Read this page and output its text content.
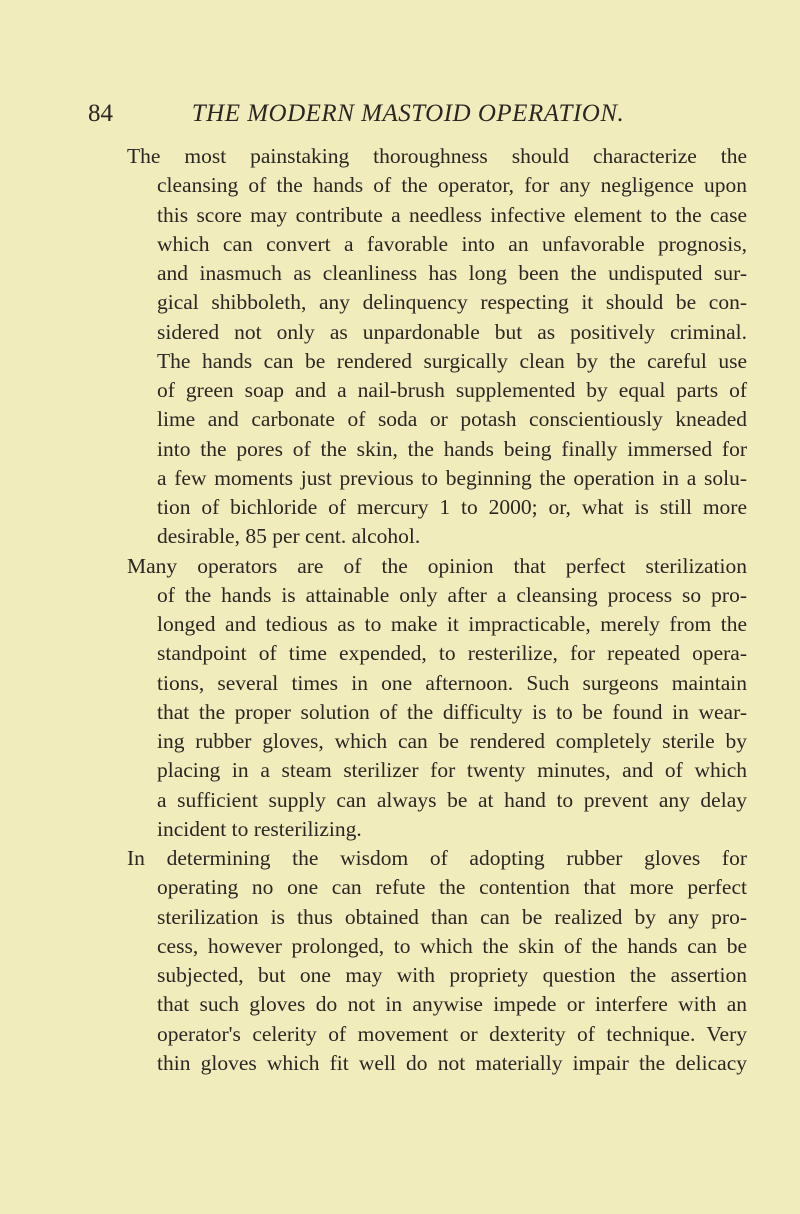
84	THE MODERN MASTOID OPERATION.
The most painstaking thoroughness should characterize the
cleansing of the hands of the operator, for any negligence upon
this score may contribute a needless infective element to the case
which can convert a favorable into an unfavorable prognosis,
and inasmuch as cleanliness has long been the undisputed sur-
gical shibboleth, any delinquency respecting it should be con-
sidered not only as unpardonable but as positively criminal.
The hands can be rendered surgically clean by the careful use
of green soap and a nail-brush supplemented by equal parts of
lime and carbonate of soda or potash conscientiously kneaded
into the pores of the skin, the hands being finally immersed for
a few moments just previous to beginning the operation in a solu-
tion of bichloride of mercury 1 to 2000; or, what is still more
desirable, 85 per cent. alcohol.
Many operators are of the opinion that perfect sterilization
of the hands is attainable only after a cleansing process so pro-
longed and tedious as to make it impracticable, merely from the
standpoint of time expended, to resterilize, for repeated opera-
tions, several times in one afternoon. Such surgeons maintain
that the proper solution of the difficulty is to be found in wear-
ing rubber gloves, which can be rendered completely sterile by
placing in a steam sterilizer for twenty minutes, and of which
a sufficient supply can always be at hand to prevent any delay
incident to resterilizing.
In determining the wisdom of adopting rubber gloves for
operating no one can refute the contention that more perfect
sterilization is thus obtained than can be realized by any pro-
cess, however prolonged, to which the skin of the hands can be
subjected, but one may with propriety question the assertion
that such gloves do not in anywise impede or interfere with an
operator's celerity of movement or dexterity of technique. Very
thin gloves which fit well do not materially impair the delicacy
